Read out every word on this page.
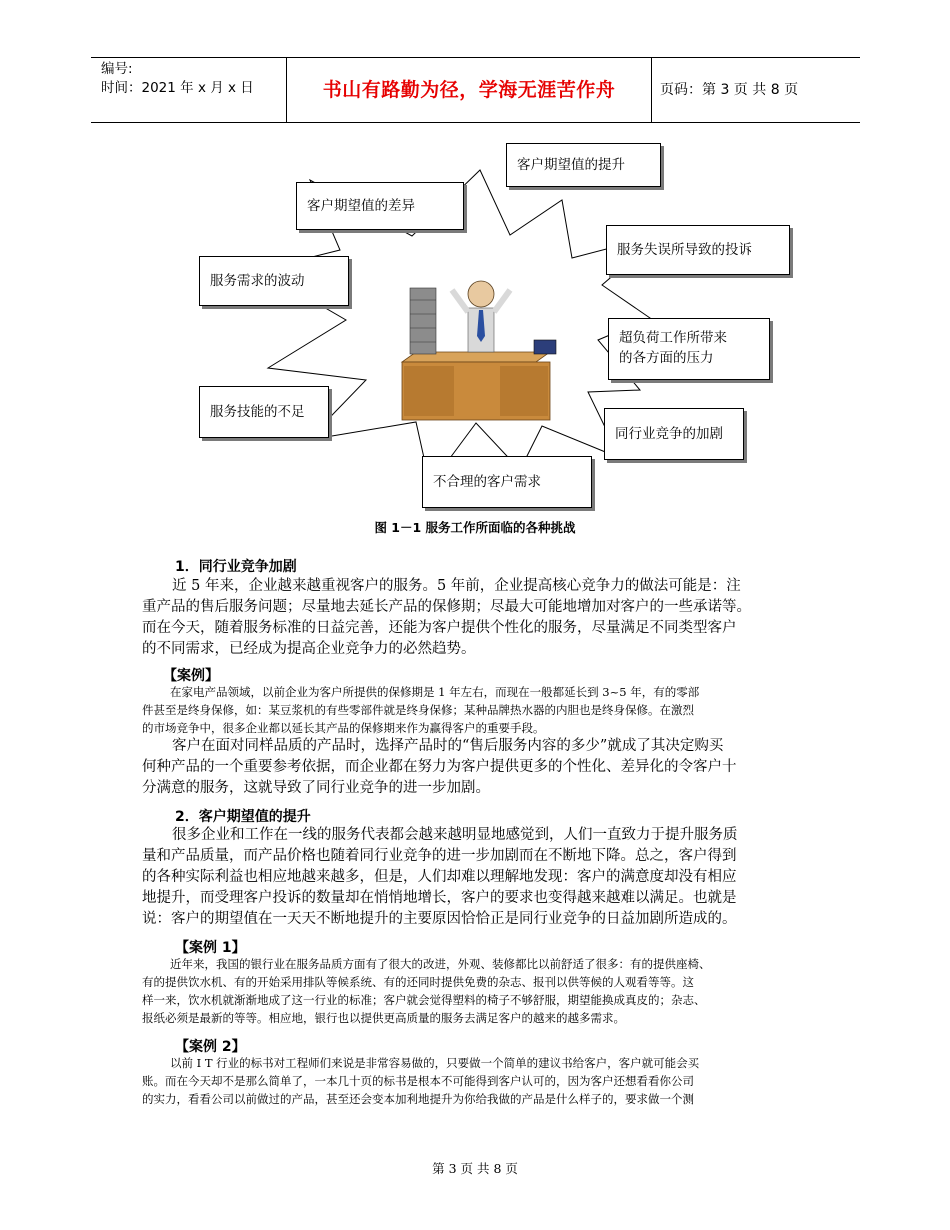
编号:
时间：2021 年 x 月 x 日	书山有路勤为径，学海无涯苦作舟	页码：第 3 页 共 8 页
客户期望值的提升
客户期望值的差异
服务失误所导致的投诉
服务需求的波动
超负荷工作所带来
的各方面的压力
服务技能的不足
同行业竞争的加剧
不合理的客户需求
图 1－1 服务工作所面临的各种挑战
1．同行业竞争加剧
近 5 年来，企业越来越重视客户的服务。5 年前，企业提高核心竞争力的做法可能是：注
重产品的售后服务问题；尽量地去延长产品的保修期；尽最大可能地增加对客户的一些承诺等。
而在今天，随着服务标准的日益完善，还能为客户提供个性化的服务，尽量满足不同类型客户
的不同需求，已经成为提高企业竞争力的必然趋势。
【案例】
在家电产品领域，以前企业为客户所提供的保修期是 1 年左右，而现在一般都延长到 3~5 年，有的零部
件甚至是终身保修，如：某豆浆机的有些零部件就是终身保修；某种品牌热水器的内胆也是终身保修。在激烈
的市场竞争中，很多企业都以延长其产品的保修期来作为赢得客户的重要手段。
客户在面对同样品质的产品时，选择产品时的“售后服务内容的多少”就成了其决定购买
何种产品的一个重要参考依据，而企业都在努力为客户提供更多的个性化、差异化的令客户十
分满意的服务，这就导致了同行业竞争的进一步加剧。
2．客户期望值的提升
很多企业和工作在一线的服务代表都会越来越明显地感觉到，人们一直致力于提升服务质
量和产品质量，而产品价格也随着同行业竞争的进一步加剧而在不断地下降。总之，客户得到
的各种实际利益也相应地越来越多，但是，人们却难以理解地发现：客户的满意度却没有相应
地提升，而受理客户投诉的数量却在悄悄地增长，客户的要求也变得越来越难以满足。也就是
说：客户的期望值在一天天不断地提升的主要原因恰恰正是同行业竞争的日益加剧所造成的。
【案例 1】
近年来，我国的银行业在服务品质方面有了很大的改进，外观、装修都比以前舒适了很多：有的提供座椅、
有的提供饮水机、有的开始采用排队等候系统、有的还同时提供免费的杂志、报刊以供等候的人观看等等。这
样一来，饮水机就渐渐地成了这一行业的标准；客户就会觉得塑料的椅子不够舒服，期望能换成真皮的；杂志、
报纸必须是最新的等等。相应地，银行也以提供更高质量的服务去满足客户的越来的越多需求。
【案例 2】
以前 I T 行业的标书对工程师们来说是非常容易做的，只要做一个简单的建议书给客户，客户就可能会买
账。而在今天却不是那么简单了，一本几十页的标书是根本不可能得到客户认可的，因为客户还想看看你公司
的实力，看看公司以前做过的产品，甚至还会变本加利地提升为你给我做的产品是什么样子的，要求做一个测
第 3 页 共 8 页
